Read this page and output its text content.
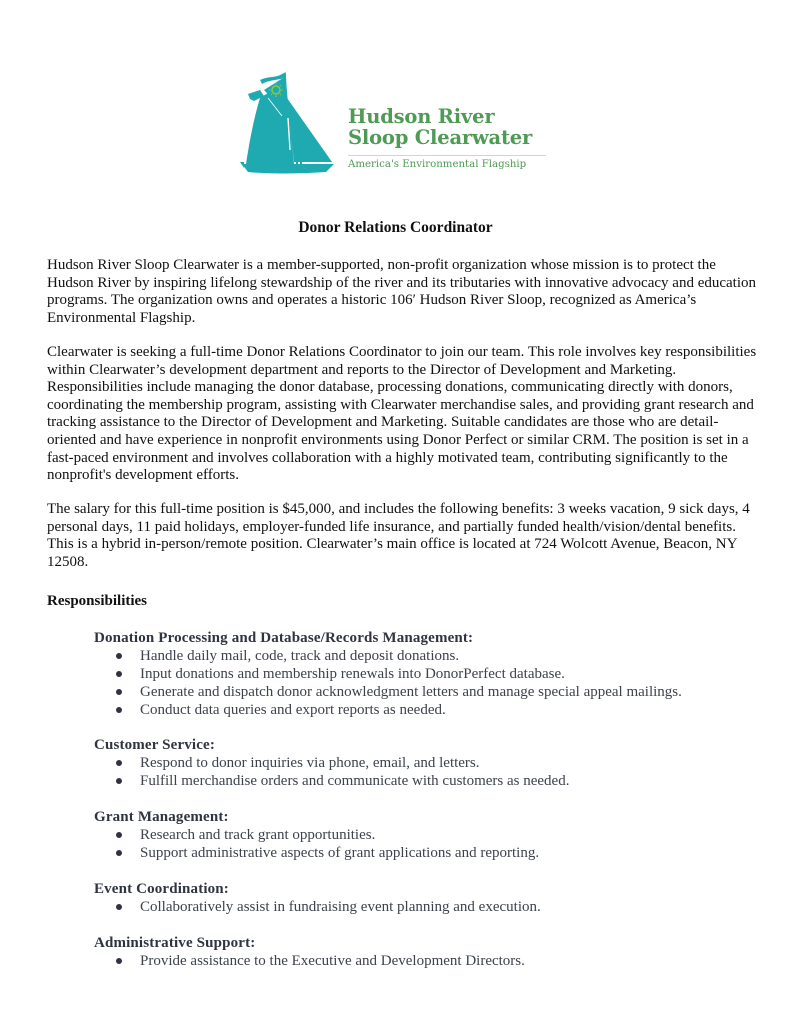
Hudson River
Sloop Clearwater
America's Environmental Flagship
Donor Relations Coordinator

Hudson River Sloop Clearwater is a member-supported, non-profit organization whose mission is to protect the Hudson River by inspiring lifelong stewardship of the river and its tributaries with innovative advocacy and education programs. The organization owns and operates a historic 106′ Hudson River Sloop, recognized as America’s Environmental Flagship.

Clearwater is seeking a full-time Donor Relations Coordinator to join our team. This role involves key responsibilities within Clearwater’s development department and reports to the Director of Development and Marketing. Responsibilities include managing the donor database, processing donations, communicating directly with donors, coordinating the membership program, assisting with Clearwater merchandise sales, and providing grant research and tracking assistance to the Director of Development and Marketing. Suitable candidates are those who are detail-oriented and have experience in nonprofit environments using Donor Perfect or similar CRM. The position is set in a fast-paced environment and involves collaboration with a highly motivated team, contributing significantly to the nonprofit's development efforts.

The salary for this full-time position is $45,000, and includes the following benefits: 3 weeks vacation, 9 sick days, 4 personal days, 11 paid holidays, employer-funded life insurance, and partially funded health/vision/dental benefits. This is a hybrid in-person/remote position. Clearwater’s main office is located at 724 Wolcott Avenue, Beacon, NY 12508.

Responsibilities
Donation Processing and Database/Records Management:
Handle daily mail, code, track and deposit donations.
Input donations and membership renewals into DonorPerfect database.
Generate and dispatch donor acknowledgment letters and manage special appeal mailings.
Conduct data queries and export reports as needed.
Customer Service:
Respond to donor inquiries via phone, email, and letters.
Fulfill merchandise orders and communicate with customers as needed.
Grant Management:
Research and track grant opportunities.
Support administrative aspects of grant applications and reporting.
Event Coordination:
Collaboratively assist in fundraising event planning and execution.
Administrative Support:
Provide assistance to the Executive and Development Directors.
